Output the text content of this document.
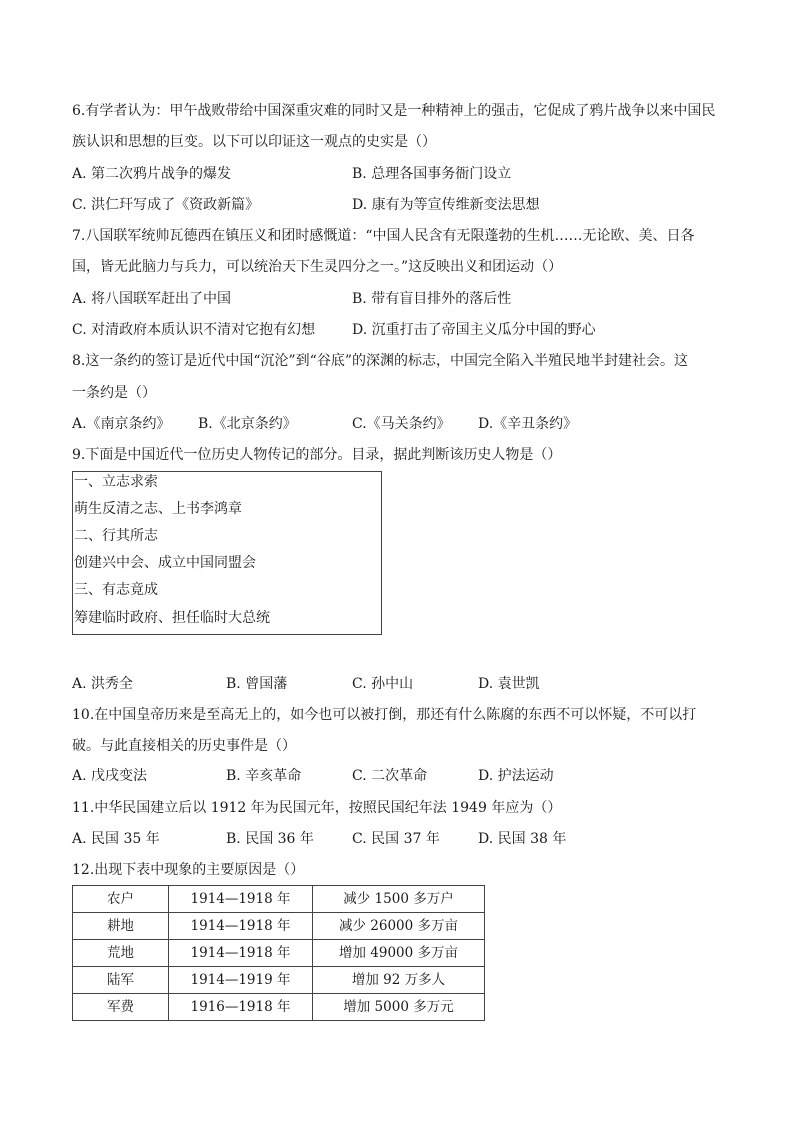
6.有学者认为：甲午战败带给中国深重灾难的同时又是一种精神上的强击，它促成了鸦片战争以来中国民
族认识和思想的巨变。以下可以印证这一观点的史实是（）
A. 第二次鸦片战争的爆发	B. 总理各国事务衙门设立
C. 洪仁玕写成了《资政新篇》	D. 康有为等宣传维新变法思想
7.八国联军统帅瓦德西在镇压义和团时感慨道：“中国人民含有无限蓬勃的生机……无论欧、美、日各
国，皆无此脑力与兵力，可以统治天下生灵四分之一。”这反映出义和团运动（）
A. 将八国联军赶出了中国	B. 带有盲目排外的落后性
C. 对清政府本质认识不清对它抱有幻想	D. 沉重打击了帝国主义瓜分中国的野心
8.这一条约的签订是近代中国“沉沦”到“谷底”的深渊的标志，中国完全陷入半殖民地半封建社会。这
一条约是（）
A.《南京条约》 B.《北京条约》	C.《马关条约》 D.《辛丑条约》
9.下面是中国近代一位历史人物传记的部分。目录，据此判断该历史人物是（）
一、立志求索
萌生反清之志、上书李鸿章
二、行其所志
创建兴中会、成立中国同盟会
三、有志竟成
筹建临时政府、担任临时大总统
A. 洪秀全	B. 曾国藩	C. 孙中山	D. 袁世凯
10.在中国皇帝历来是至高无上的，如今也可以被打倒，那还有什么陈腐的东西不可以怀疑，不可以打
破。与此直接相关的历史事件是（）
A. 戊戌变法	B. 辛亥革命	C. 二次革命	D. 护法运动
11.中华民国建立后以 1912 年为民国元年，按照民国纪年法 1949 年应为（）
A. 民国 35 年	B. 民国 36 年	C. 民国 37 年	D. 民国 38 年
12.出现下表中现象的主要原因是（）
农户	1914—1918 年	减少 1500 多万户
耕地	1914—1918 年	减少 26000 多万亩
荒地	1914—1918 年	增加 49000 多万亩
陆军	1914—1919 年	增加 92 万多人
军费	1916—1918 年	增加 5000 多万元
